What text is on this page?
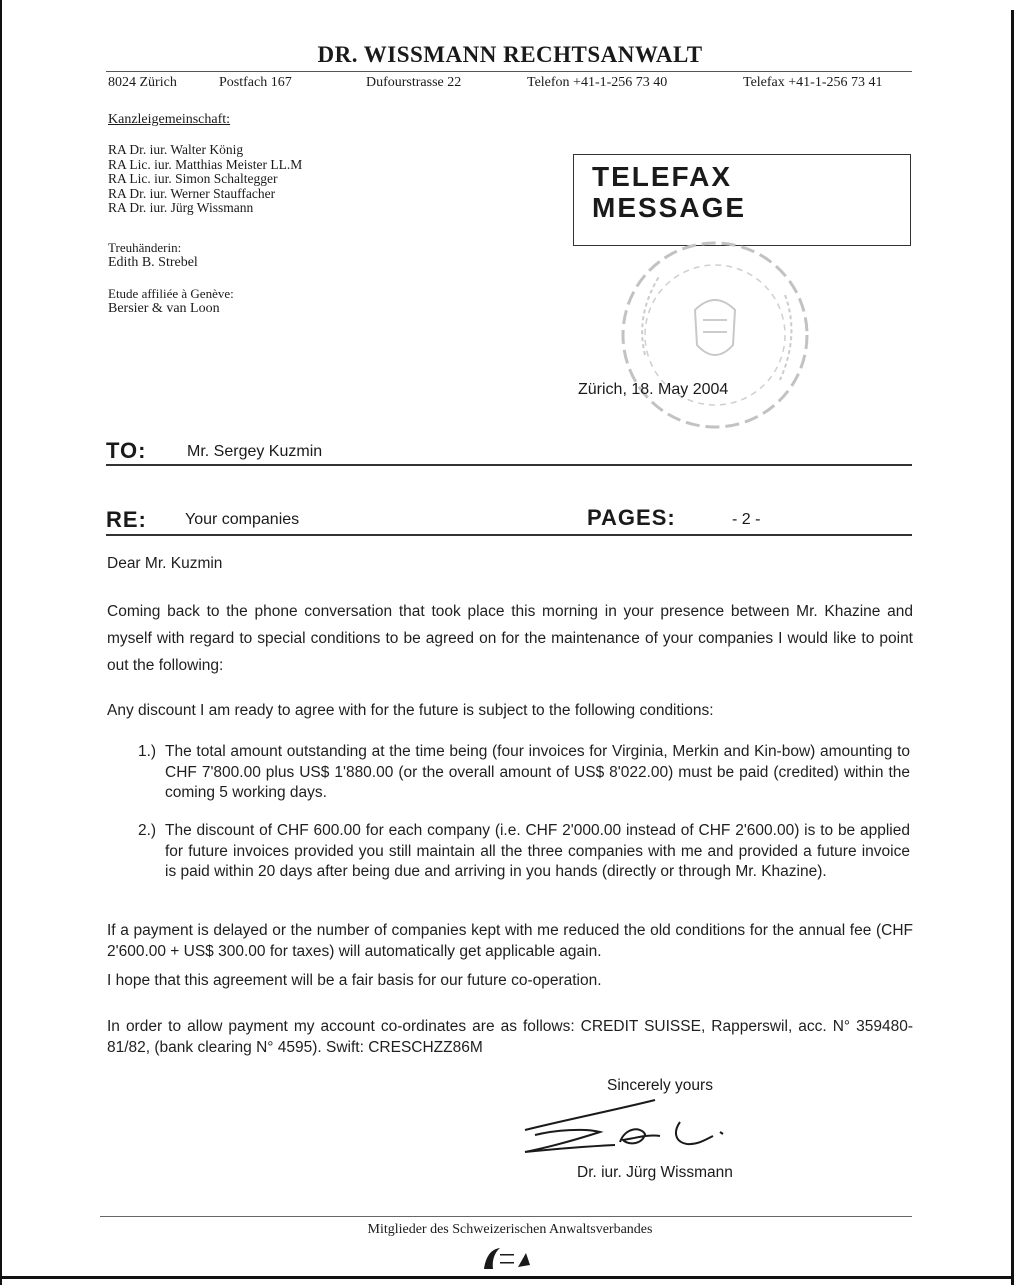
DR. WISSMANN RECHTSANWALT
8024 Zürich	Postfach 167	Dufourstrasse 22	Telefon +41-1-256 73 40	Telefax +41-1-256 73 41
Kanzleigemeinschaft:
RA Dr. iur. Walter König
RA Lic. iur. Matthias Meister LL.M
RA Lic. iur. Simon Schaltegger
RA Dr. iur. Werner Stauffacher
RA Dr. iur. Jürg Wissmann
Treuhänderin:
Edith B. Strebel
Etude affiliée à Genève:
Bersier & van Loon
TELEFAX
MESSAGE
Zürich, 18. May 2004
TO:	Mr. Sergey Kuzmin
RE: Your companies	PAGES:	- 2 -
Dear Mr. Kuzmin
Coming back to the phone conversation that took place this morning in your presence between Mr. Khazine and myself with regard to special conditions to be agreed on for the maintenance of your companies I would like to point out the following:
Any discount I am ready to agree with for the future is subject to the following conditions:
1.) The total amount outstanding at the time being (four invoices for Virginia, Merkin and Kin-bow) amounting to CHF 7'800.00 plus US$ 1'880.00 (or the overall amount of US$ 8'022.00) must be paid (credited) within the coming 5 working days.
2.) The discount of CHF 600.00 for each company (i.e. CHF 2'000.00 instead of CHF 2'600.00) is to be applied for future invoices provided you still maintain all the three companies with me and provided a future invoice is paid within 20 days after being due and arriving in you hands (directly or through Mr. Khazine).
If a payment is delayed or the number of companies kept with me reduced the old conditions for the annual fee (CHF 2'600.00 + US$ 300.00 for taxes) will automatically get applicable again.
I hope that this agreement will be a fair basis for our future co-operation.
In order to allow payment my account co-ordinates are as follows: CREDIT SUISSE, Rapperswil, acc. N° 359480-81/82, (bank clearing N° 4595). Swift: CRESCHZZ86M
Sincerely yours
Dr. iur. Jürg Wissmann
Mitglieder des Schweizerischen Anwaltsverbandes
